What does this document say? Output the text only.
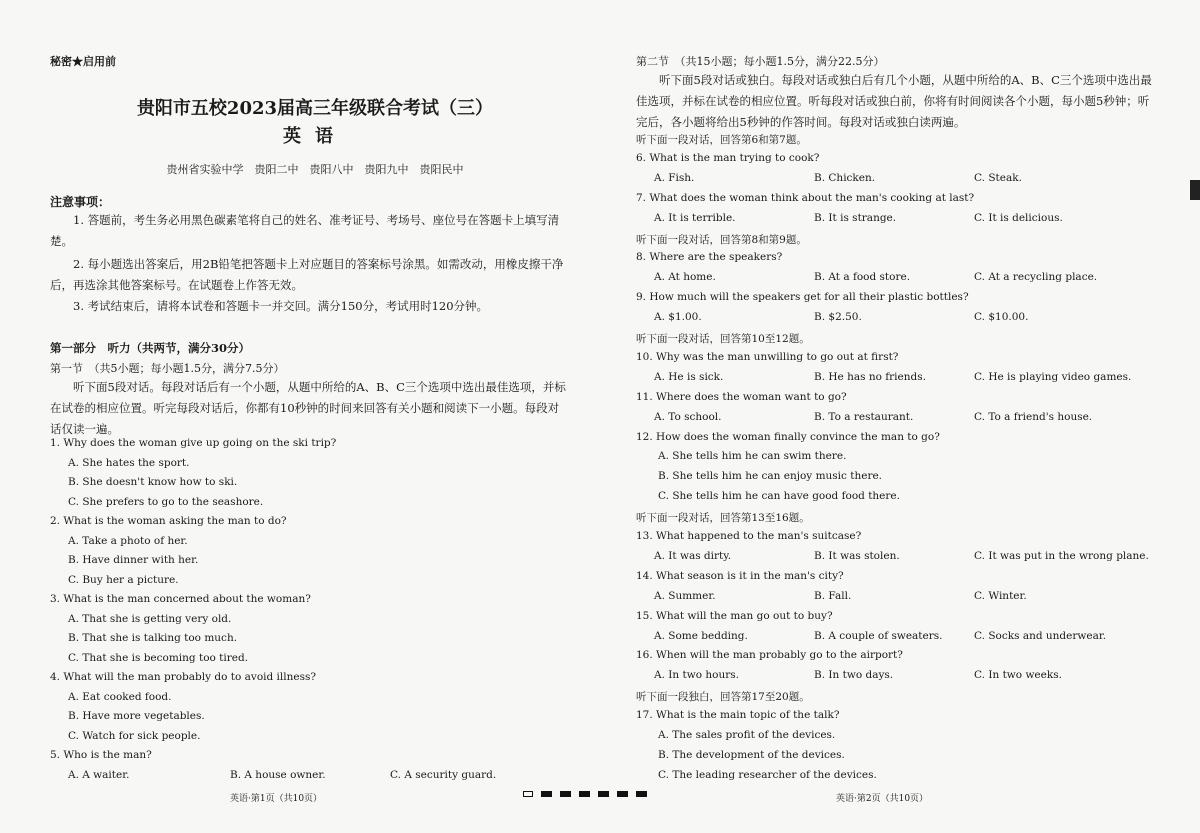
秘密★启用前
贵阳市五校2023届高三年级联合考试（三）
英语
贵州省实验中学　贵阳二中　贵阳八中　贵阳九中　贵阳民中
注意事项：
1. 答题前，考生务必用黑色碳素笔将自己的姓名、准考证号、考场号、座位号在答题卡上填写清楚。
2. 每小题选出答案后，用2B铅笔把答题卡上对应题目的答案标号涂黑。如需改动，用橡皮擦干净后，再选涂其他答案标号。在试题卷上作答无效。
3. 考试结束后，请将本试卷和答题卡一并交回。满分150分，考试用时120分钟。
第一部分　听力（共两节，满分30分）
第一节　（共5小题；每小题1.5分，满分7.5分）
听下面5段对话。每段对话后有一个小题，从题中所给的A、B、C三个选项中选出最佳选项，并标在试卷的相应位置。听完每段对话后，你都有10秒钟的时间来回答有关小题和阅读下一小题。每段对话仅读一遍。
1. Why does the woman give up going on the ski trip?
A. She hates the sport.
B. She doesn't know how to ski.
C. She prefers to go to the seashore.
2. What is the woman asking the man to do?
A. Take a photo of her.
B. Have dinner with her.
C. Buy her a picture.
3. What is the man concerned about the woman?
A. That she is getting very old.
B. That she is talking too much.
C. That she is becoming too tired.
4. What will the man probably do to avoid illness?
A. Eat cooked food.
B. Have more vegetables.
C. Watch for sick people.
5. Who is the man?
A. A waiter.	B. A house owner.	C. A security guard.
英语·第1页（共10页）
第二节　（共15小题；每小题1.5分，满分22.5分）
听下面5段对话或独白。每段对话或独白后有几个小题，从题中所给的A、B、C三个选项中选出最佳选项，并标在试卷的相应位置。听每段对话或独白前，你将有时间阅读各个小题，每小题5秒钟；听完后，各小题将给出5秒钟的作答时间。每段对话或独白读两遍。
听下面一段对话，回答第6和第7题。
6. What is the man trying to cook?
A. Fish.	B. Chicken.	C. Steak.
7. What does the woman think about the man's cooking at last?
A. It is terrible.	B. It is strange.	C. It is delicious.
听下面一段对话，回答第8和第9题。
8. Where are the speakers?
A. At home.	B. At a food store.	C. At a recycling place.
9. How much will the speakers get for all their plastic bottles?
A. $1.00.	B. $2.50.	C. $10.00.
听下面一段对话，回答第10至12题。
10. Why was the man unwilling to go out at first?
A. He is sick.	B. He has no friends.	C. He is playing video games.
11. Where does the woman want to go?
A. To school.	B. To a restaurant.	C. To a friend's house.
12. How does the woman finally convince the man to go?
A. She tells him he can swim there.
B. She tells him he can enjoy music there.
C. She tells him he can have good food there.
听下面一段对话，回答第13至16题。
13. What happened to the man's suitcase?
A. It was dirty.	B. It was stolen.	C. It was put in the wrong plane.
14. What season is it in the man's city?
A. Summer.	B. Fall.	C. Winter.
15. What will the man go out to buy?
A. Some bedding.	B. A couple of sweaters.	C. Socks and underwear.
16. When will the man probably go to the airport?
A. In two hours.	B. In two days.	C. In two weeks.
听下面一段独白，回答第17至20题。
17. What is the main topic of the talk?
A. The sales profit of the devices.
B. The development of the devices.
C. The leading researcher of the devices.
英语·第2页（共10页）
